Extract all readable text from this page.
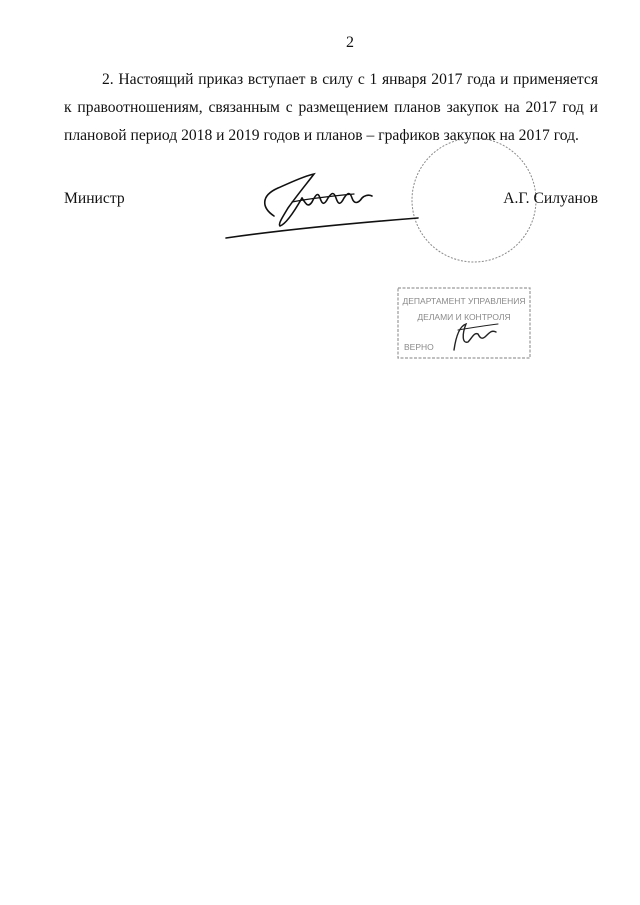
2

2. Настоящий приказ вступает в силу с 1 января 2017 года и применяется к правоотношениям, связанным с размещением планов закупок на 2017 год и плановой период 2018 и 2019 годов и планов – графиков закупок на 2017 год.

Министр	А.Г. Силуанов
ДЕПАРТАМЕНТ УПРАВЛЕНИЯ
ДЕЛАМИ И КОНТРОЛЯ
ВЕРНО
